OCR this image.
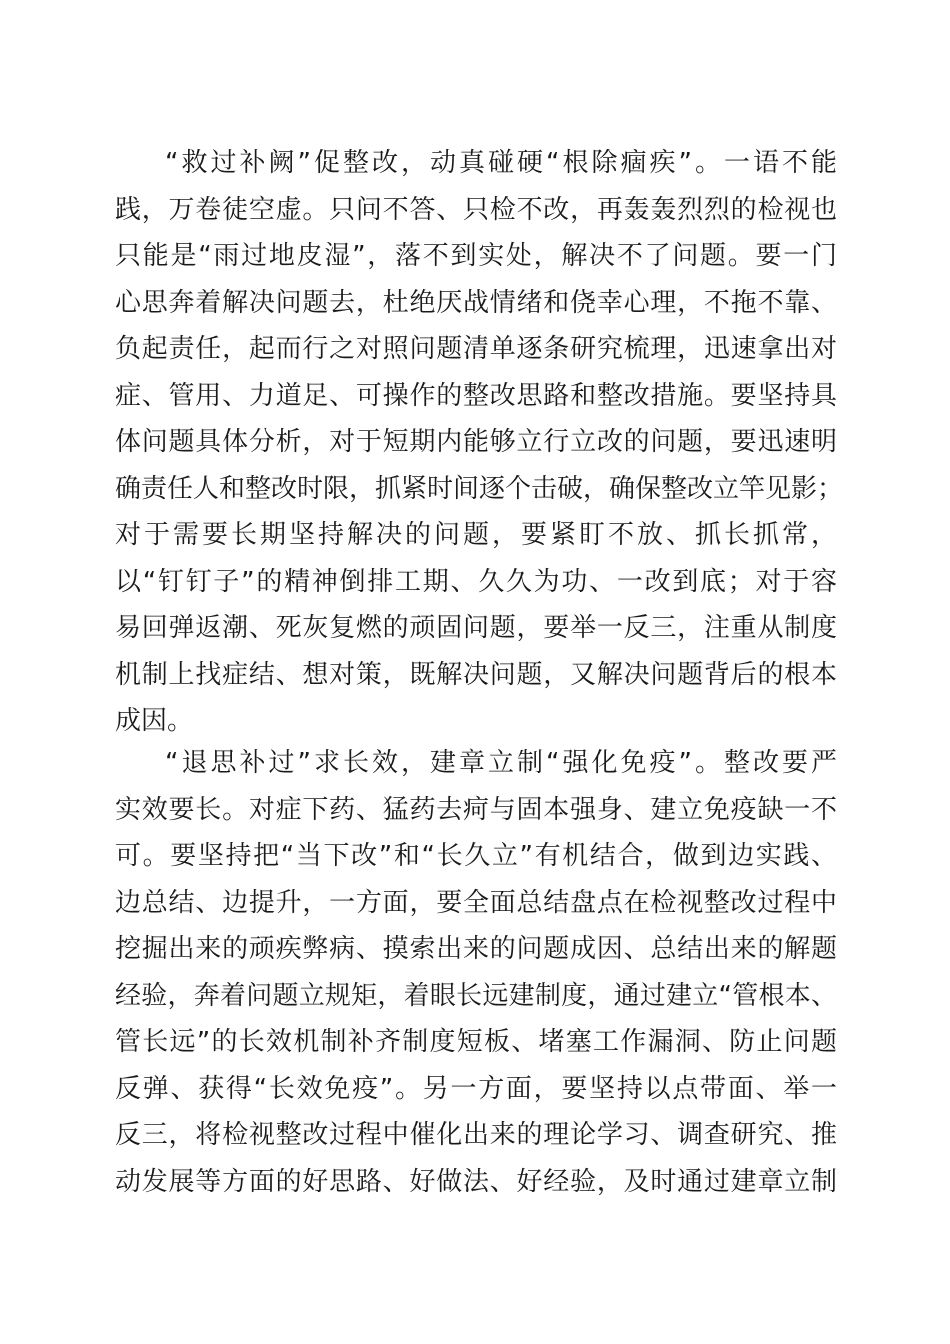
“救过补阙”促整改，动真碰硬“根除痼疾”。一语不能
践，万卷徒空虚。只问不答、只检不改，再轰轰烈烈的检视也
只能是“雨过地皮湿”，落不到实处，解决不了问题。要一门
心思奔着解决问题去，杜绝厌战情绪和侥幸心理，不拖不靠、
负起责任，起而行之对照问题清单逐条研究梳理，迅速拿出对
症、管用、力道足、可操作的整改思路和整改措施。要坚持具
体问题具体分析，对于短期内能够立行立改的问题，要迅速明
确责任人和整改时限，抓紧时间逐个击破，确保整改立竿见影；
对于需要长期坚持解决的问题，要紧盯不放、抓长抓常，
以“钉钉子”的精神倒排工期、久久为功、一改到底；对于容
易回弹返潮、死灰复燃的顽固问题，要举一反三，注重从制度
机制上找症结、想对策，既解决问题，又解决问题背后的根本
成因。
“退思补过”求长效，建章立制“强化免疫”。整改要严
实效要长。对症下药、猛药去疴与固本强身、建立免疫缺一不
可。要坚持把“当下改”和“长久立”有机结合，做到边实践、
边总结、边提升，一方面，要全面总结盘点在检视整改过程中
挖掘出来的顽疾弊病、摸索出来的问题成因、总结出来的解题
经验，奔着问题立规矩，着眼长远建制度，通过建立“管根本、
管长远”的长效机制补齐制度短板、堵塞工作漏洞、防止问题
反弹、获得“长效免疫”。另一方面，要坚持以点带面、举一
反三，将检视整改过程中催化出来的理论学习、调查研究、推
动发展等方面的好思路、好做法、好经验，及时通过建章立制
